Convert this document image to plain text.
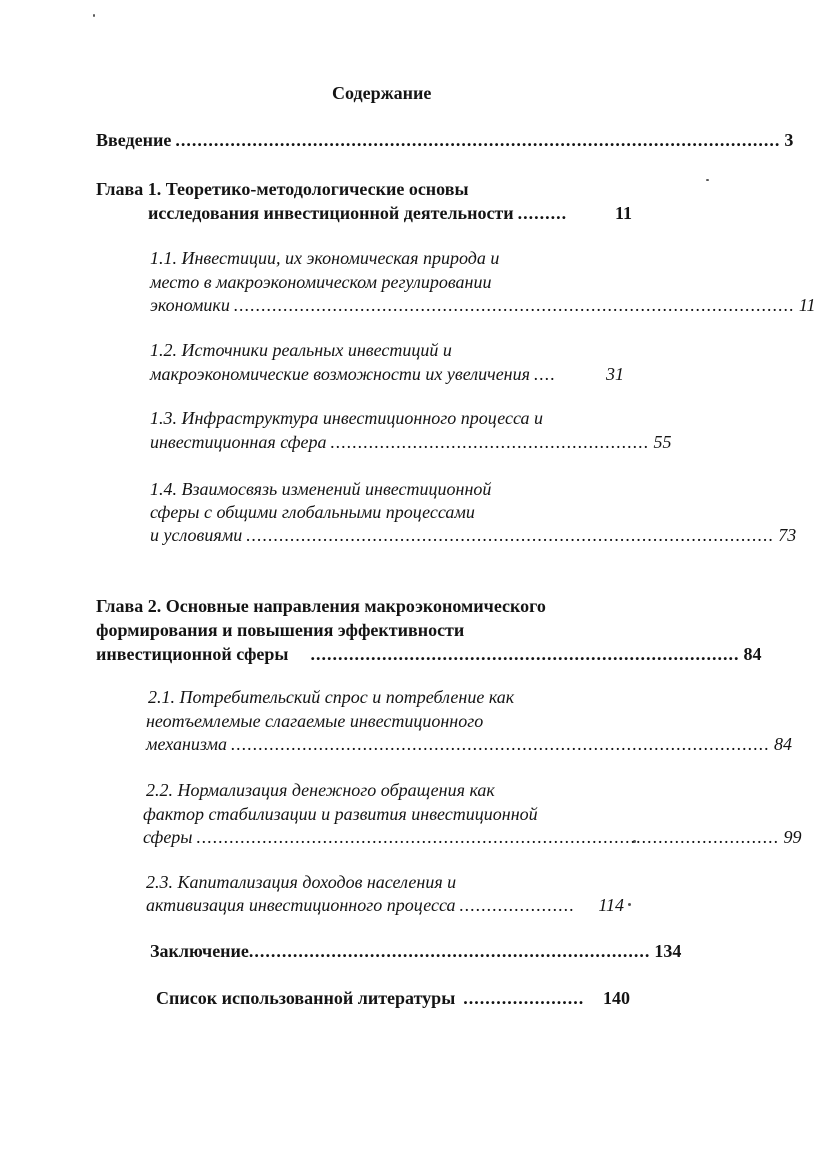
Содержание
Введение .............................................................................................................. 3
Глава 1. Теоретико-методологические основы
исследования инвестиционной деятельности .........	11
1.1. Инвестиции, их экономическая природа и
место в макроэкономическом регулировании
экономики ...................................................................................................... 11
1.2. Источники реальных инвестиций и
макроэкономические возможности их увеличения ....	31
1.3. Инфраструктура инвестиционного процесса и
инвестиционная сфера .......................................................... 55
1.4. Взаимосвязь изменений инвестиционной
сферы с общими глобальными процессами
и условиями ................................................................................................ 73
Глава 2. Основные направления макроэкономического
формирования и повышения эффективности
инвестиционной сферы .............................................................................. 84
2.1. Потребительский спрос и потребление как
неотъемлемые слагаемые инвестиционного
механизма .................................................................................................. 84
2.2. Нормализация денежного обращения как
фактор стабилизации и развития инвестиционной
сферы .......................................................................................................... 99
2.3. Капитализация доходов населения и
активизация инвестиционного процесса .....................	114
Заключение ......................................................................... 134
Список использованной литературы ......................	140
